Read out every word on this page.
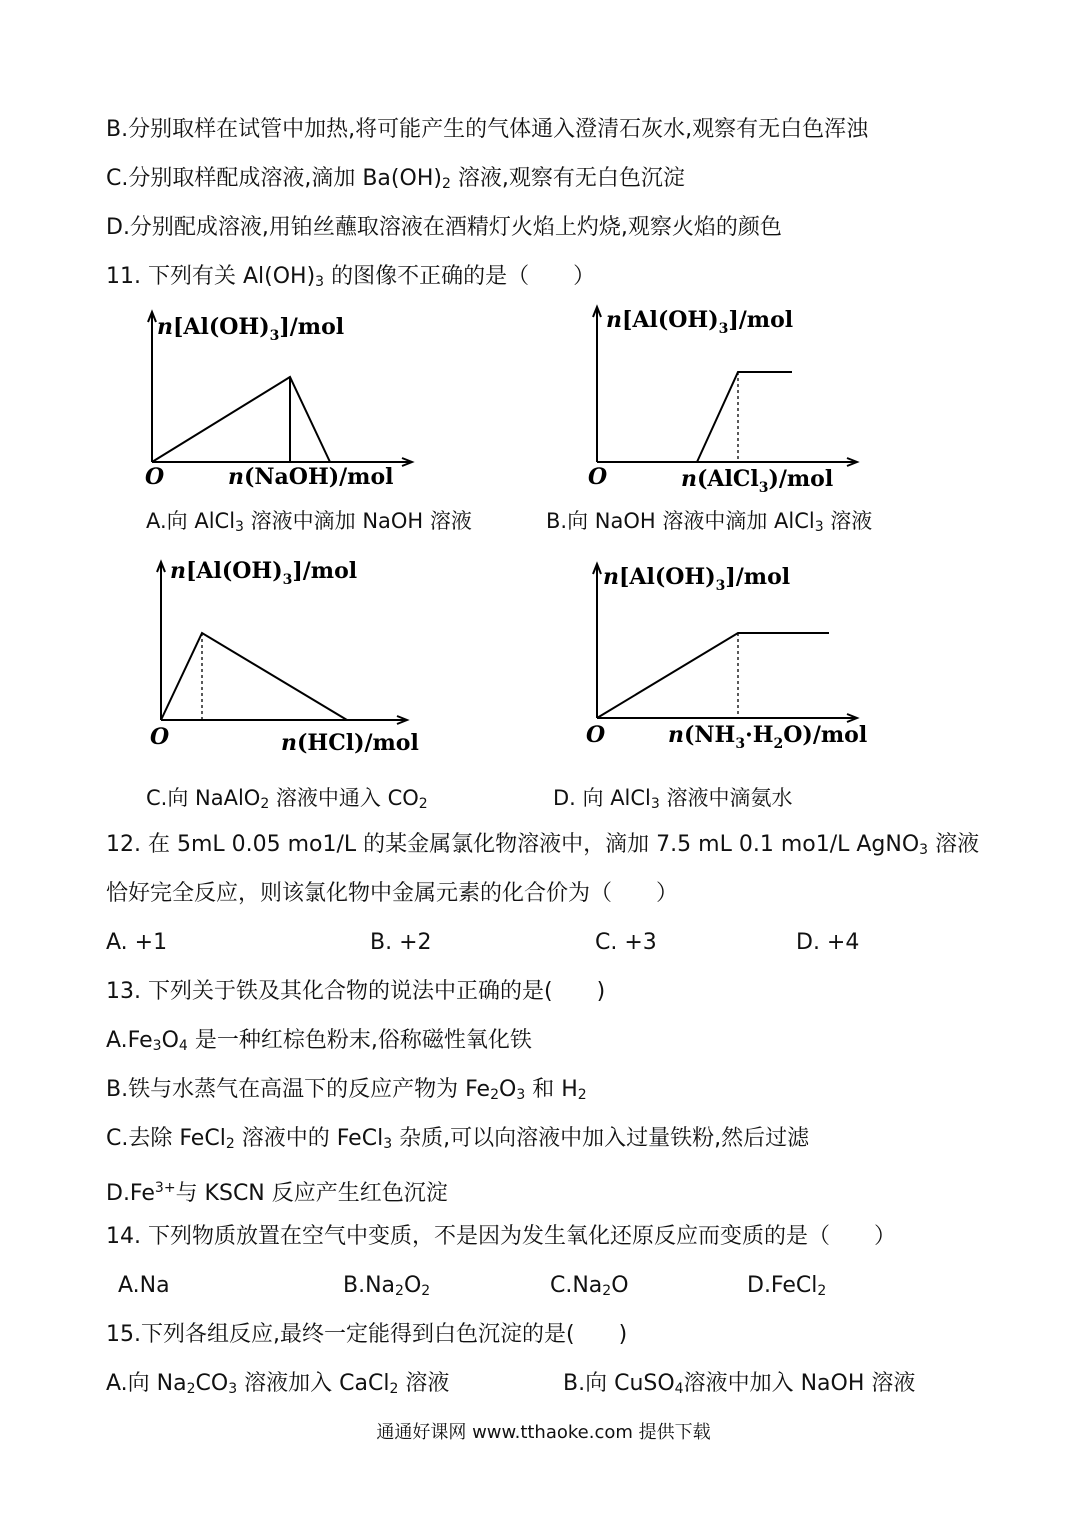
B.分别取样在试管中加热,将可能产生的气体通入澄清石灰水,观察有无白色浑浊
C.分别取样配成溶液,滴加 $Ba(OH)_2$ 溶液,观察有无白色沉淀
D.分别配成溶液,用铂丝蘸取溶液在酒精灯火焰上灼烧,观察火焰的颜色
11. 下列有关 $Al(OH)_3$ 的图像不正确的是（　　）
O
$n[Al(OH)_3]$/mol
n(NaOH)/mol	O
$n[Al(OH)_3]$/mol
n(AlCl$_3$)/mol
A.向 AlCl$_3$ 溶液中滴加 NaOH 溶液	B.向 NaOH 溶液中滴加 AlCl$_3$ 溶液
O
$n[Al(OH)_3]$/mol
n(HCl)/mol	O
$n[Al(OH)_3]$/mol
$n(NH_3\cdot H_2O)$/mol
C.向 NaAlO$_2$ 溶液中通入 $CO_2$	D. 向 AlCl$_3$ 溶液中滴氨水
12. 在 5mL 0.05 mo1/L 的某金属氯化物溶液中，滴加 7.5 mL 0.1 mo1/L AgNO$_3$ 溶液
恰好完全反应，则该氯化物中金属元素的化合价为（　　）
A. +1	B. +2	C. +3	D. +4
13. 下列关于铁及其化合物的说法中正确的是(　　)
$A.Fe_3O_4$ 是一种红棕色粉末,俗称磁性氧化铁
B.铁与水蒸气在高温下的反应产物为 $Fe_2O_3$ 和 $H_2$
C.去除 FeCl$_2$ 溶液中的 FeCl$_3$ 杂质,可以向溶液中加入过量铁粉,然后过滤
$D.Fe^{3+}$与 KSCN 反应产生红色沉淀
14. 下列物质放置在空气中变质，不是因为发生氧化还原反应而变质的是（　　）
A.Na	$B.Na_2O_2$	$C.Na_2O$	D.FeCl$_2$
15.下列各组反应,最终一定能得到白色沉淀的是(　　)
A.向 $Na_2CO_3$ 溶液加入 CaCl$_2$ 溶液	B.向 CuSO$_4$溶液中加入 NaOH 溶液
通通好课网 www.tthaoke.com 提供下载
